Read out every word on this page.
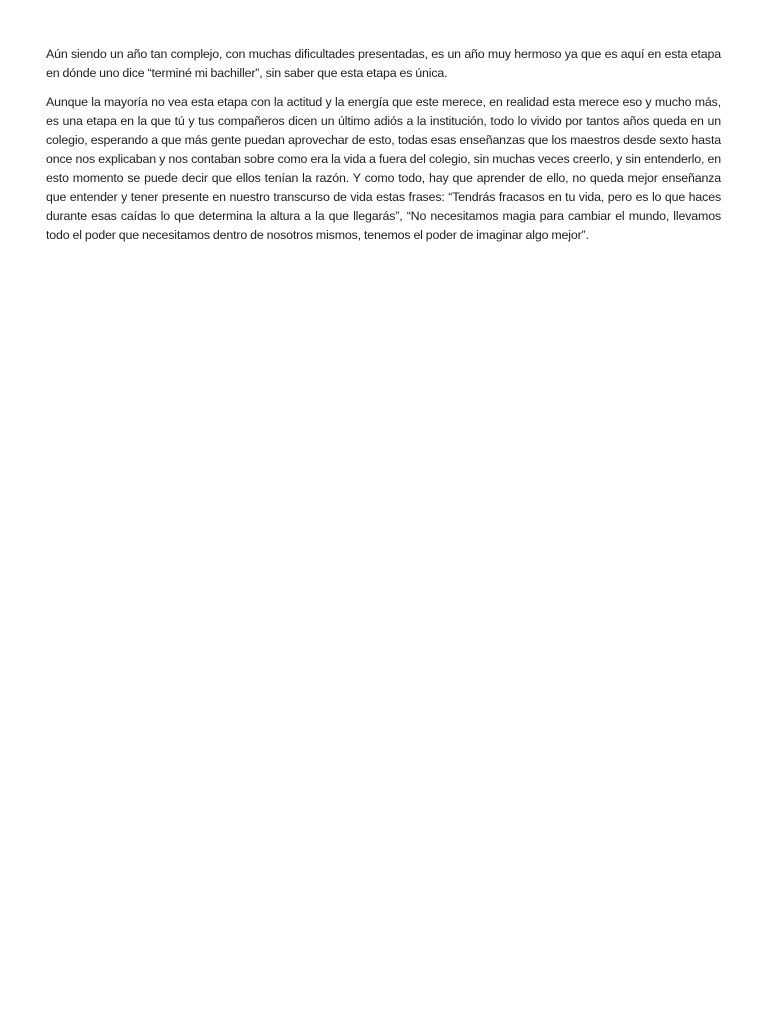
Aún siendo un año tan complejo, con muchas dificultades presentadas, es un año muy hermoso ya que es aquí en esta etapa en dónde uno dice “terminé mi bachiller”, sin saber que esta etapa es única.

Aunque la mayoría no vea esta etapa con la actitud y la energía que este merece, en realidad esta merece eso y mucho más, es una etapa en la que tú y tus compañeros dicen un último adiós a la institución, todo lo vivido por tantos años queda en un colegio, esperando a que más gente puedan aprovechar de esto, todas esas enseñanzas que los maestros desde sexto hasta once nos explicaban y nos contaban sobre como era la vida a fuera del colegio, sin muchas veces creerlo, y sin entenderlo, en esto momento se puede decir que ellos tenían la razón. Y como todo, hay que aprender de ello, no queda mejor enseñanza que entender y tener presente en nuestro transcurso de vida estas frases: “Tendrás fracasos en tu vida, pero es lo que haces durante esas caídas lo que determina la altura a la que llegarás”, “No necesitamos magia para cambiar el mundo, llevamos todo el poder que necesitamos dentro de nosotros mismos, tenemos el poder de imaginar algo mejor”.
